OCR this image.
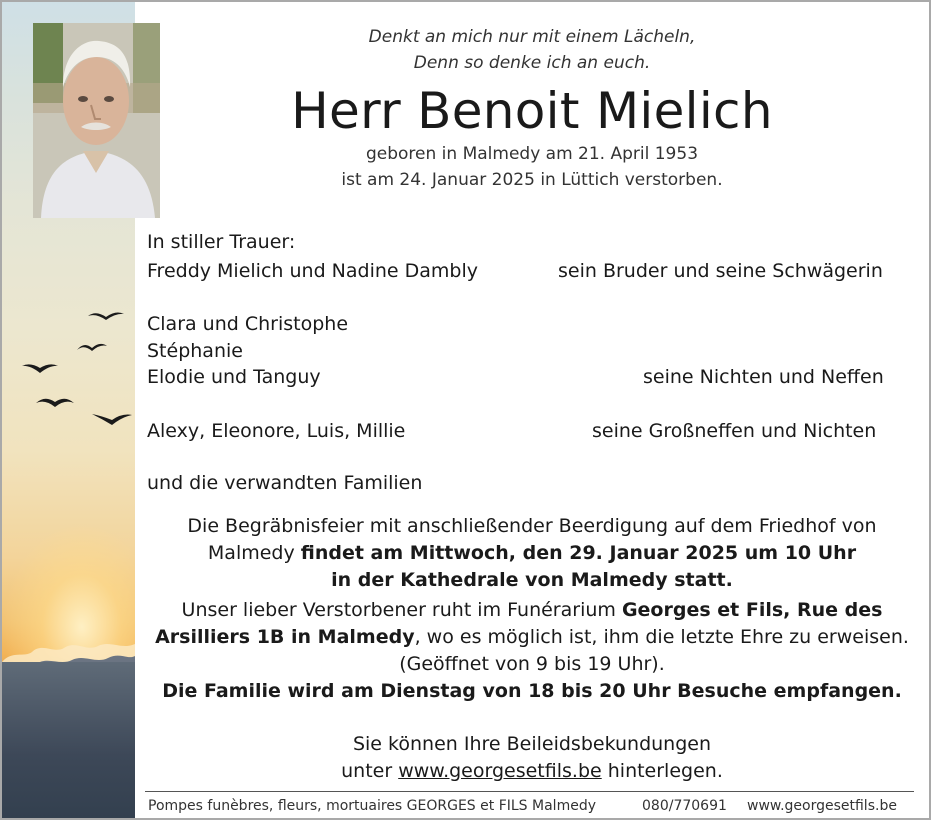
Denkt an mich nur mit einem Lächeln,
Denn so denke ich an euch.
Herr Benoit Mielich
geboren in Malmedy am 21. April 1953
ist am 24. Januar 2025 in Lüttich verstorben.
In stiller Trauer:
Freddy Mielich und Nadine Dambly	sein Bruder und seine Schwägerin
Clara und Christophe
Stéphanie
Elodie und Tanguy	seine Nichten und Neffen
Alexy, Eleonore, Luis, Millie	seine Großneffen und Nichten
und die verwandten Familien
Die Begräbnisfeier mit anschließender Beerdigung auf dem Friedhof von
Malmedy findet am Mittwoch, den 29. Januar 2025 um 10 Uhr
in der Kathedrale von Malmedy statt.
Unser lieber Verstorbener ruht im Funérarium Georges et Fils, Rue des
Arsilliers 1B in Malmedy, wo es möglich ist, ihm die letzte Ehre zu erweisen.
(Geöffnet von 9 bis 19 Uhr).
Die Familie wird am Dienstag von 18 bis 20 Uhr Besuche empfangen.
Sie können Ihre Beileidsbekundungen
unter www.georgesetfils.be hinterlegen.
Pompes funèbres, fleurs, mortuaires GEORGES et FILS Malmedy	080/770691 www.georgesetfils.be
